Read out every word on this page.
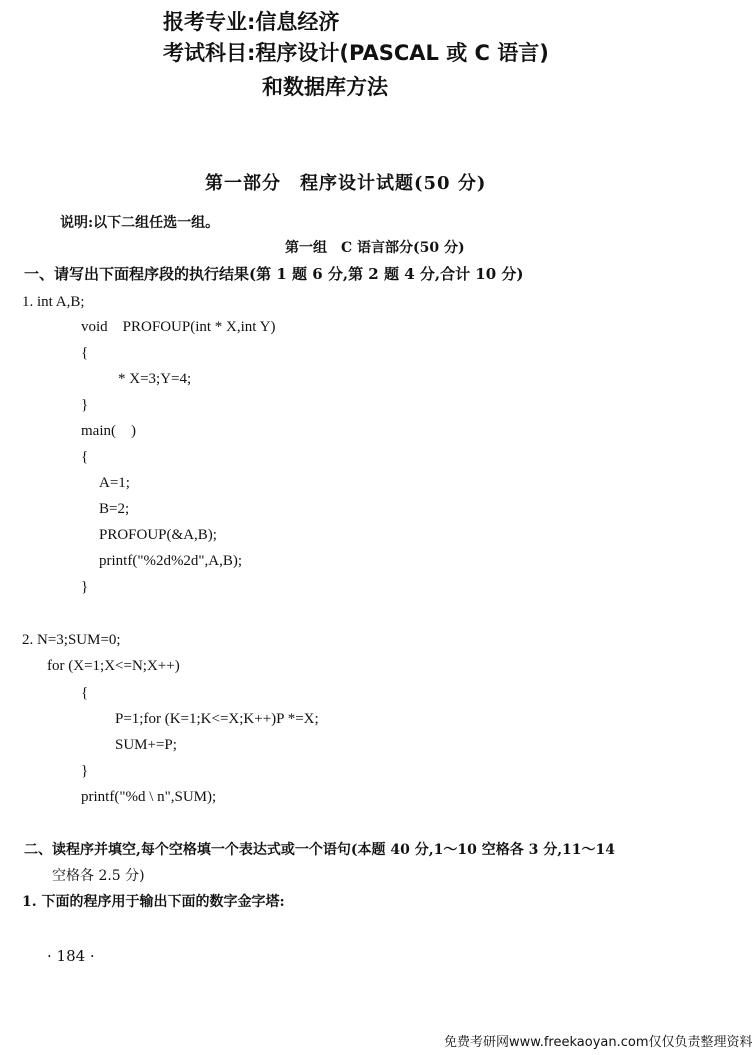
报考专业:信息经济
考试科目:程序设计(PASCAL 或 C 语言)
和数据库方法
第一部分　程序设计试题(50 分)
说明:以下二组任选一组。
第一组　C 语言部分(50 分)
一、请写出下面程序段的执行结果(第 1 题 6 分,第 2 题 4 分,合计 10 分)
1. int A,B;
void　PROFOUP(int * X,int Y)
{
* X=3;Y=4;
}
main(　)
{
A=1;
B=2;
PROFOUP(&A,B);
printf("%2d%2d",A,B);
}
2. N=3;SUM=0;
for (X=1;X<=N;X++)
{
P=1;for (K=1;K<=X;K++)P *=X;
SUM+=P;
}
printf("%d \ n",SUM);
二、读程序并填空,每个空格填一个表达式或一个语句(本题 40 分,1～10 空格各 3 分,11～14
空格各 2.5 分)
1. 下面的程序用于输出下面的数字金字塔:
· 184 ·
免费考研网www.freekaoyan.com仅仅负责整理资料
